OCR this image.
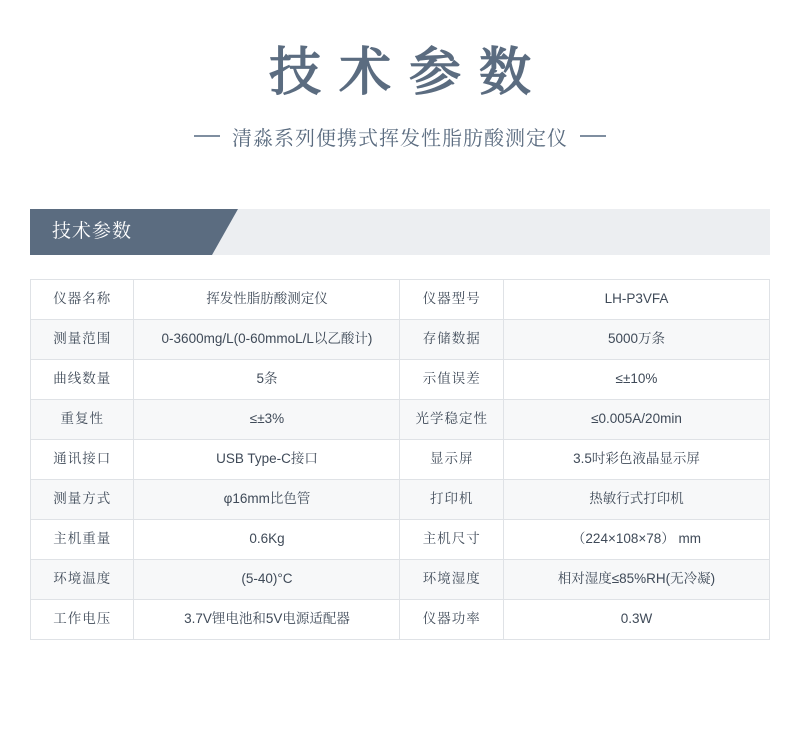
技术参数
清淼系列便携式挥发性脂肪酸测定仪
技术参数
仪器名称	挥发性脂肪酸测定仪	仪器型号	LH-P3VFA
测量范围	0-3600mg/L(0-60mmoL/L以乙酸计)	存储数据	5000万条
曲线数量	5条	示值误差	≤±10%
重复性	≤±3%	光学稳定性	≤0.005A/20min
通讯接口	USB Type-C接口	显示屏	3.5吋彩色液晶显示屏
测量方式	φ16mm比色管	打印机	热敏行式打印机
主机重量	0.6Kg	主机尺寸	（224×108×78） mm
环境温度	(5-40)°C	环境湿度	相对湿度≤85%RH(无冷凝)
工作电压	3.7V锂电池和5V电源适配器	仪器功率	0.3W
